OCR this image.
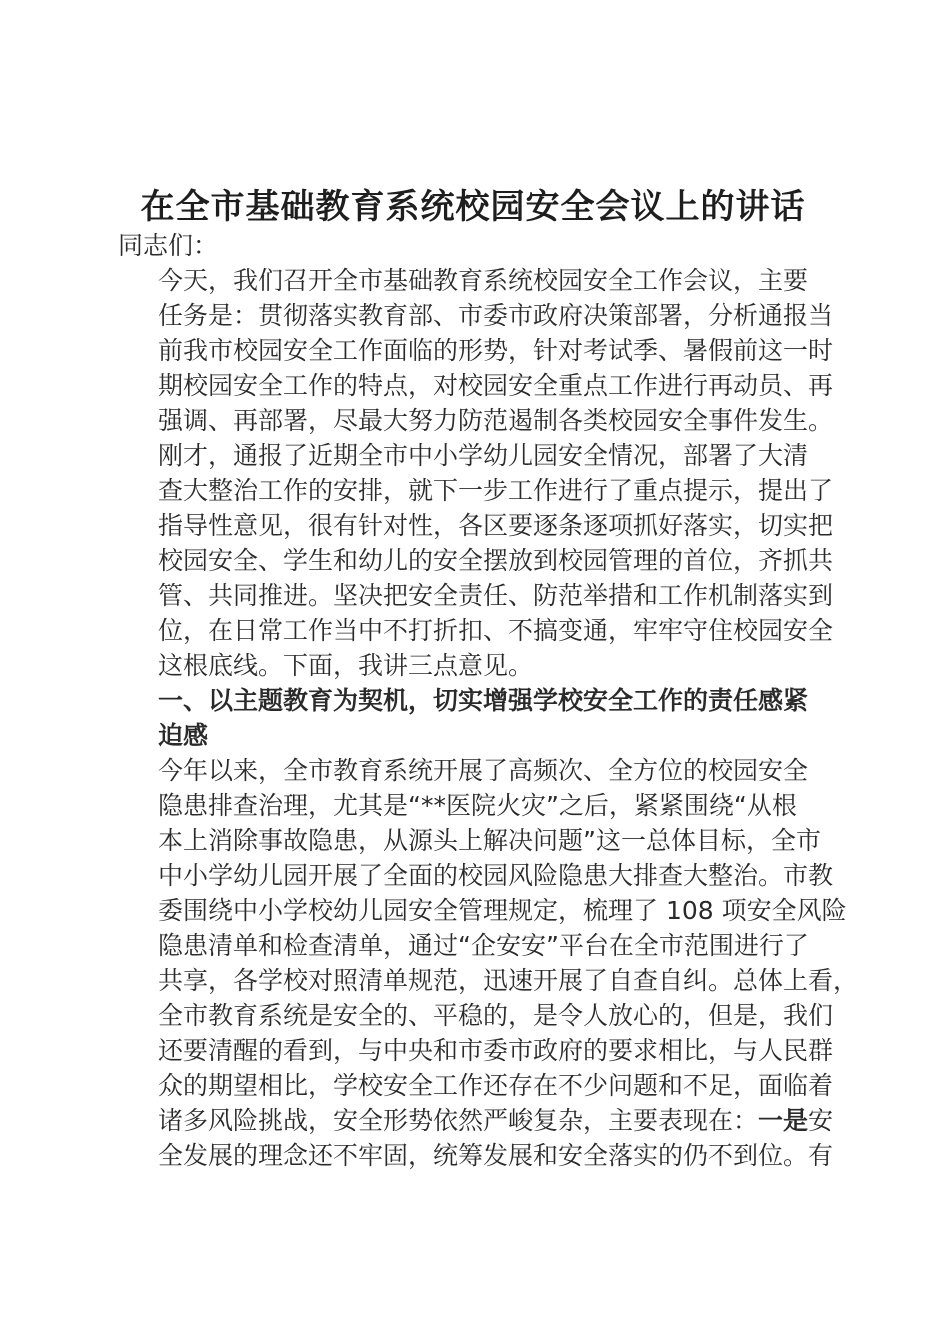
在全市基础教育系统校园安全会议上的讲话

同志们：

今天，我们召开全市基础教育系统校园安全工作会议，主要
任务是：贯彻落实教育部、市委市政府决策部署，分析通报当
前我市校园安全工作面临的形势，针对考试季、暑假前这一时
期校园安全工作的特点，对校园安全重点工作进行再动员、再
强调、再部署，尽最大努力防范遏制各类校园安全事件发生。

刚才，通报了近期全市中小学幼儿园安全情况，部署了大清
查大整治工作的安排，就下一步工作进行了重点提示，提出了
指导性意见，很有针对性，各区要逐条逐项抓好落实，切实把
校园安全、学生和幼儿的安全摆放到校园管理的首位，齐抓共
管、共同推进。坚决把安全责任、防范举措和工作机制落实到
位，在日常工作当中不打折扣、不搞变通，牢牢守住校园安全
这根底线。下面，我讲三点意见。

一、以主题教育为契机，切实增强学校安全工作的责任感紧
迫感

今年以来，全市教育系统开展了高频次、全方位的校园安全
隐患排查治理，尤其是“**医院火灾”之后，紧紧围绕“从根
本上消除事故隐患，从源头上解决问题”这一总体目标，全市
中小学幼儿园开展了全面的校园风险隐患大排查大整治。市教
委围绕中小学校幼儿园安全管理规定，梳理了 108 项安全风险
隐患清单和检查清单，通过“企安安”平台在全市范围进行了
共享，各学校对照清单规范，迅速开展了自查自纠。总体上看，
全市教育系统是安全的、平稳的，是令人放心的，但是，我们
还要清醒的看到，与中央和市委市政府的要求相比，与人民群
众的期望相比，学校安全工作还存在不少问题和不足，面临着
诸多风险挑战，安全形势依然严峻复杂，主要表现在：一是安
全发展的理念还不牢固，统筹发展和安全落实的仍不到位。有
